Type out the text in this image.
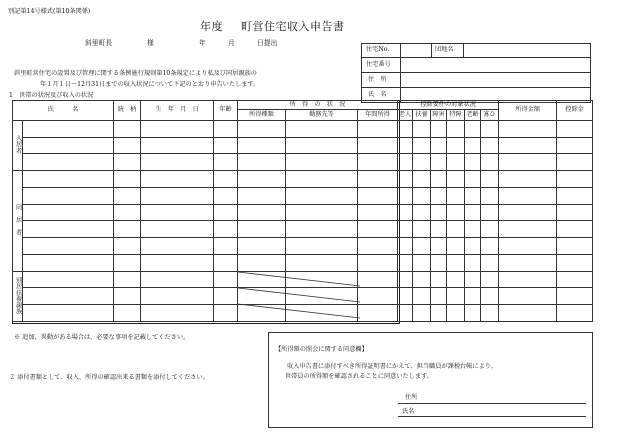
別記第14号様式(第10条関係)
年度 町営住宅収入申告書
斜里町長	様	年	月	日提出
住宅No.		団地名	
住宅番号			
住　所			
氏　名			
斜里町営住宅の設置及び管理に関する条例施行規則第10条規定により私及び同居親族の
年１月１日〜12月31日までの収入状況について下記のとおり申告いたします。
1　世帯の状況及び収入の状況
氏　　　名		続　柄	生　年　月　日	年齢	所　得　の　状　況			控除要件の対象状況						所得金額	控除金
					所得種類	勤務先等	年間所得	老人	扶養	障害	特障	老齢	寡ひ		
入居者															

同　居　者															

別居扶養親族															

※ 追加、異動がある場合は、必要な事項を記載してください。
２ 添付書類として、収入、所得の確認出来る書類を添付してください。
【所得額の照会に関する同意欄】
収入申告書に添付すべき所得証明書にかえて、担当職員が課税台帳により、
世帯員の所得額を確認されることに同意いたします。
住所
氏名
